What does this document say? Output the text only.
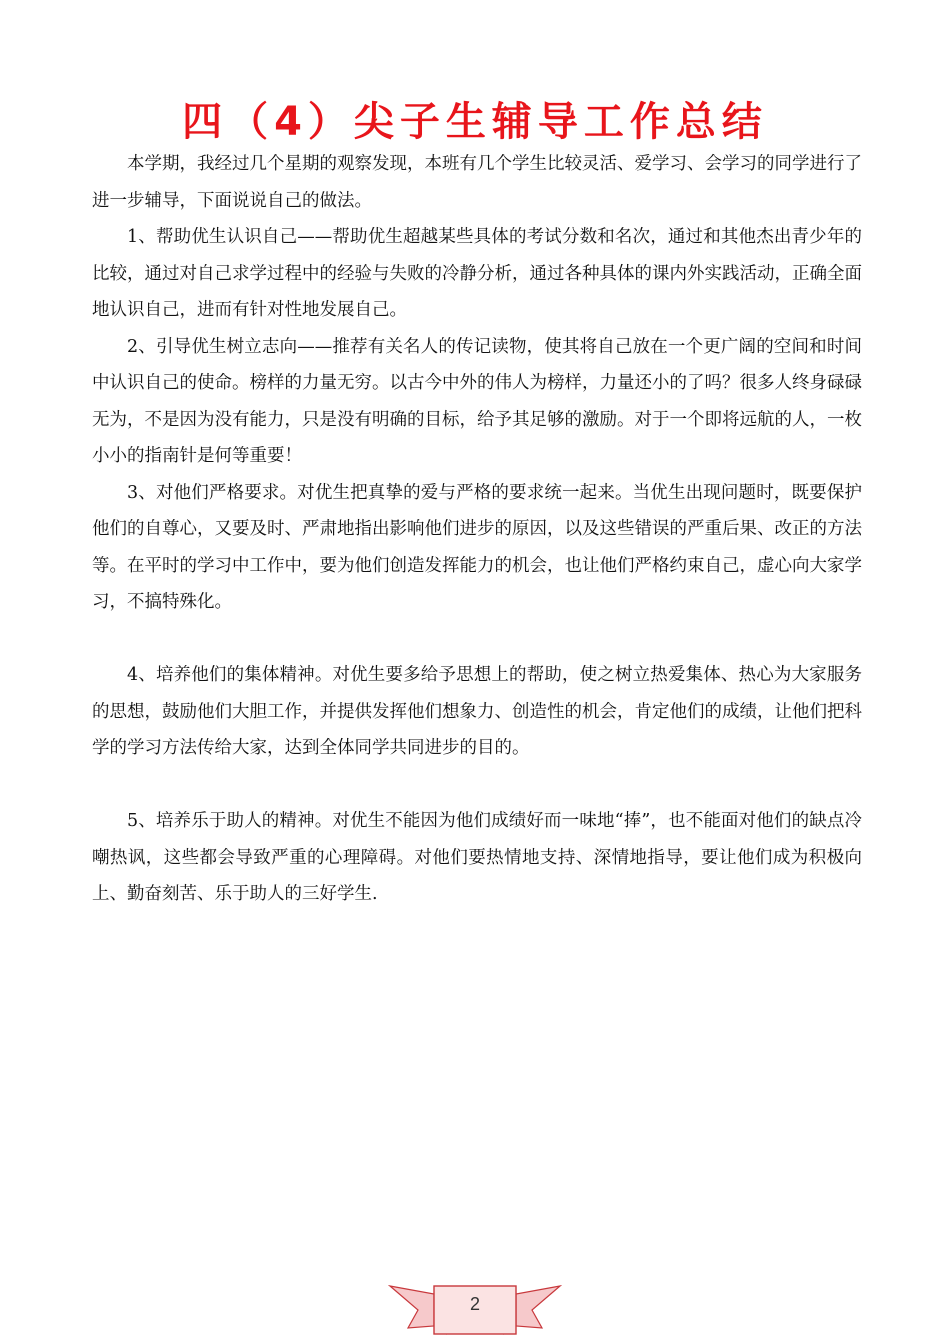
四（4）尖子生辅导工作总结

本学期，我经过几个星期的观察发现，本班有几个学生比较灵活、爱学习、会学习的同学进行了进一步辅导，下面说说自己的做法。

1、帮助优生认识自己——帮助优生超越某些具体的考试分数和名次，通过和其他杰出青少年的比较，通过对自己求学过程中的经验与失败的冷静分析，通过各种具体的课内外实践活动，正确全面地认识自己，进而有针对性地发展自己。

2、引导优生树立志向——推荐有关名人的传记读物，使其将自己放在一个更广阔的空间和时间中认识自己的使命。榜样的力量无穷。以古今中外的伟人为榜样，力量还小的了吗？很多人终身碌碌无为，不是因为没有能力，只是没有明确的目标，给予其足够的激励。对于一个即将远航的人，一枚小小的指南针是何等重要！

3、对他们严格要求。对优生把真挚的爱与严格的要求统一起来。当优生出现问题时，既要保护他们的自尊心，又要及时、严肃地指出影响他们进步的原因，以及这些错误的严重后果、改正的方法等。在平时的学习中工作中，要为他们创造发挥能力的机会，也让他们严格约束自己，虚心向大家学习，不搞特殊化。

4、培养他们的集体精神。对优生要多给予思想上的帮助，使之树立热爱集体、热心为大家服务的思想，鼓励他们大胆工作，并提供发挥他们想象力、创造性的机会，肯定他们的成绩，让他们把科学的学习方法传给大家，达到全体同学共同进步的目的。

5、培养乐于助人的精神。对优生不能因为他们成绩好而一味地“捧”，也不能面对他们的缺点冷嘲热讽，这些都会导致严重的心理障碍。对他们要热情地支持、深情地指导，要让他们成为积极向上、勤奋刻苦、乐于助人的三好学生.

2
